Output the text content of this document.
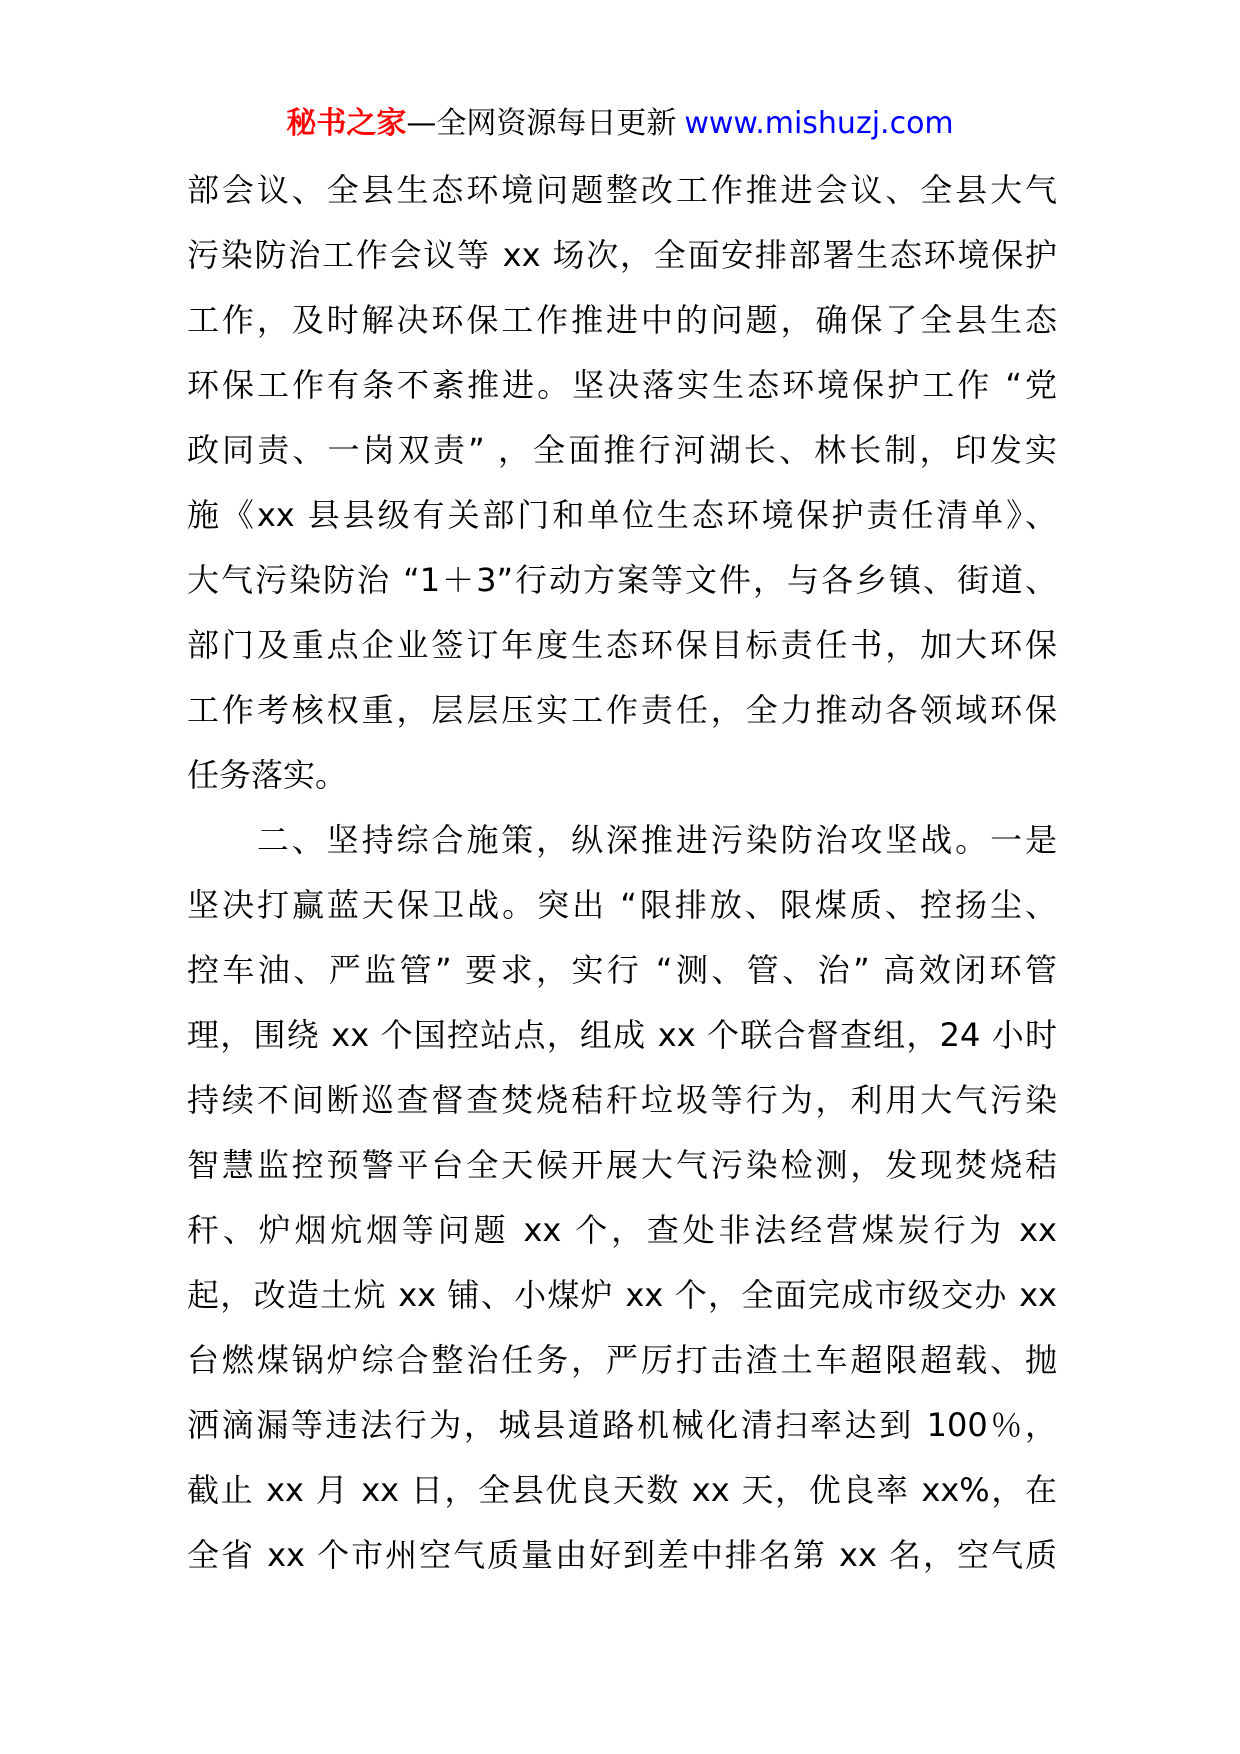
秘书之家—全网资源每日更新 www.mishuzj.com
部会议、全县生态环境问题整改工作推进会议、全县大气
污染防治工作会议等 xx 场次，全面安排部署生态环境保护
工作，及时解决环保工作推进中的问题，确保了全县生态
环保工作有条不紊推进。坚决落实生态环境保护工作 “党
政同责、一岗双责” ，全面推行河湖长、林长制，印发实
施《xx 县县级有关部门和单位生态环境保护责任清单》、
大气污染防治 “1＋3”行动方案等文件，与各乡镇、街道、
部门及重点企业签订年度生态环保目标责任书，加大环保
工作考核权重，层层压实工作责任，全力推动各领域环保
任务落实。
　　二、坚持综合施策，纵深推进污染防治攻坚战。一是
坚决打赢蓝天保卫战。突出 “限排放、限煤质、控扬尘、
控车油、严监管” 要求，实行 “测、管、治” 高效闭环管
理，围绕 xx 个国控站点，组成 xx 个联合督查组，24 小时
持续不间断巡查督查焚烧秸秆垃圾等行为，利用大气污染
智慧监控预警平台全天候开展大气污染检测，发现焚烧秸
秆、炉烟炕烟等问题 xx 个，查处非法经营煤炭行为 xx
起，改造土炕 xx 铺、小煤炉 xx 个，全面完成市级交办 xx
台燃煤锅炉综合整治任务，严厉打击渣土车超限超载、抛
洒滴漏等违法行为，城县道路机械化清扫率达到 100％，
截止 xx 月 xx 日，全县优良天数 xx 天，优良率 xx%，在
全省 xx 个市州空气质量由好到差中排名第 xx 名，空气质
